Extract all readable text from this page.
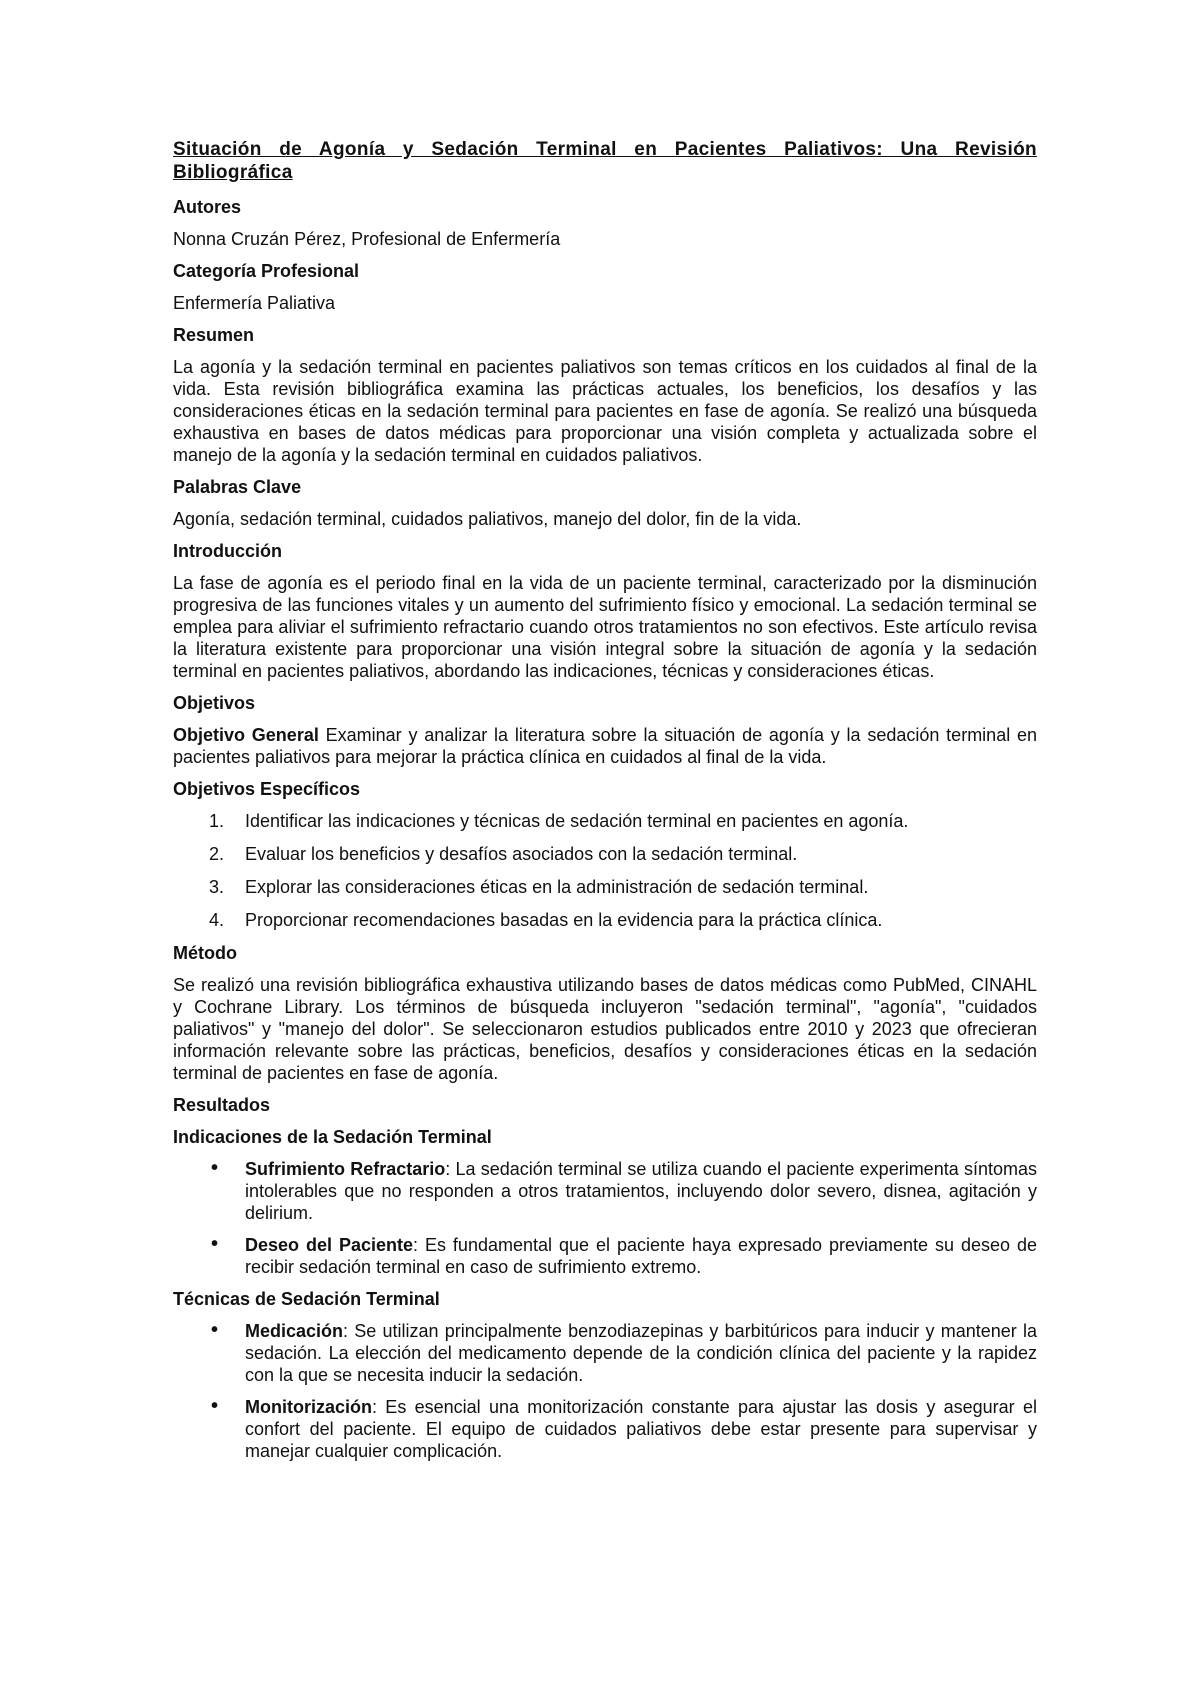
Situación de Agonía y Sedación Terminal en Pacientes Paliativos: Una Revisión Bibliográfica
Autores
Nonna Cruzán Pérez, Profesional de Enfermería
Categoría Profesional
Enfermería Paliativa
Resumen
La agonía y la sedación terminal en pacientes paliativos son temas críticos en los cuidados al final de la vida. Esta revisión bibliográfica examina las prácticas actuales, los beneficios, los desafíos y las consideraciones éticas en la sedación terminal para pacientes en fase de agonía. Se realizó una búsqueda exhaustiva en bases de datos médicas para proporcionar una visión completa y actualizada sobre el manejo de la agonía y la sedación terminal en cuidados paliativos.
Palabras Clave
Agonía, sedación terminal, cuidados paliativos, manejo del dolor, fin de la vida.
Introducción
La fase de agonía es el periodo final en la vida de un paciente terminal, caracterizado por la disminución progresiva de las funciones vitales y un aumento del sufrimiento físico y emocional. La sedación terminal se emplea para aliviar el sufrimiento refractario cuando otros tratamientos no son efectivos. Este artículo revisa la literatura existente para proporcionar una visión integral sobre la situación de agonía y la sedación terminal en pacientes paliativos, abordando las indicaciones, técnicas y consideraciones éticas.
Objetivos
Objetivo General Examinar y analizar la literatura sobre la situación de agonía y la sedación terminal en pacientes paliativos para mejorar la práctica clínica en cuidados al final de la vida.
Objetivos Específicos
1. Identificar las indicaciones y técnicas de sedación terminal en pacientes en agonía.
2. Evaluar los beneficios y desafíos asociados con la sedación terminal.
3. Explorar las consideraciones éticas en la administración de sedación terminal.
4. Proporcionar recomendaciones basadas en la evidencia para la práctica clínica.
Método
Se realizó una revisión bibliográfica exhaustiva utilizando bases de datos médicas como PubMed, CINAHL y Cochrane Library. Los términos de búsqueda incluyeron "sedación terminal", "agonía", "cuidados paliativos" y "manejo del dolor". Se seleccionaron estudios publicados entre 2010 y 2023 que ofrecieran información relevante sobre las prácticas, beneficios, desafíos y consideraciones éticas en la sedación terminal de pacientes en fase de agonía.
Resultados
Indicaciones de la Sedación Terminal
• Sufrimiento Refractario: La sedación terminal se utiliza cuando el paciente experimenta síntomas intolerables que no responden a otros tratamientos, incluyendo dolor severo, disnea, agitación y delirium.
• Deseo del Paciente: Es fundamental que el paciente haya expresado previamente su deseo de recibir sedación terminal en caso de sufrimiento extremo.
Técnicas de Sedación Terminal
• Medicación: Se utilizan principalmente benzodiazepinas y barbitúricos para inducir y mantener la sedación. La elección del medicamento depende de la condición clínica del paciente y la rapidez con la que se necesita inducir la sedación.
• Monitorización: Es esencial una monitorización constante para ajustar las dosis y asegurar el confort del paciente. El equipo de cuidados paliativos debe estar presente para supervisar y manejar cualquier complicación.
